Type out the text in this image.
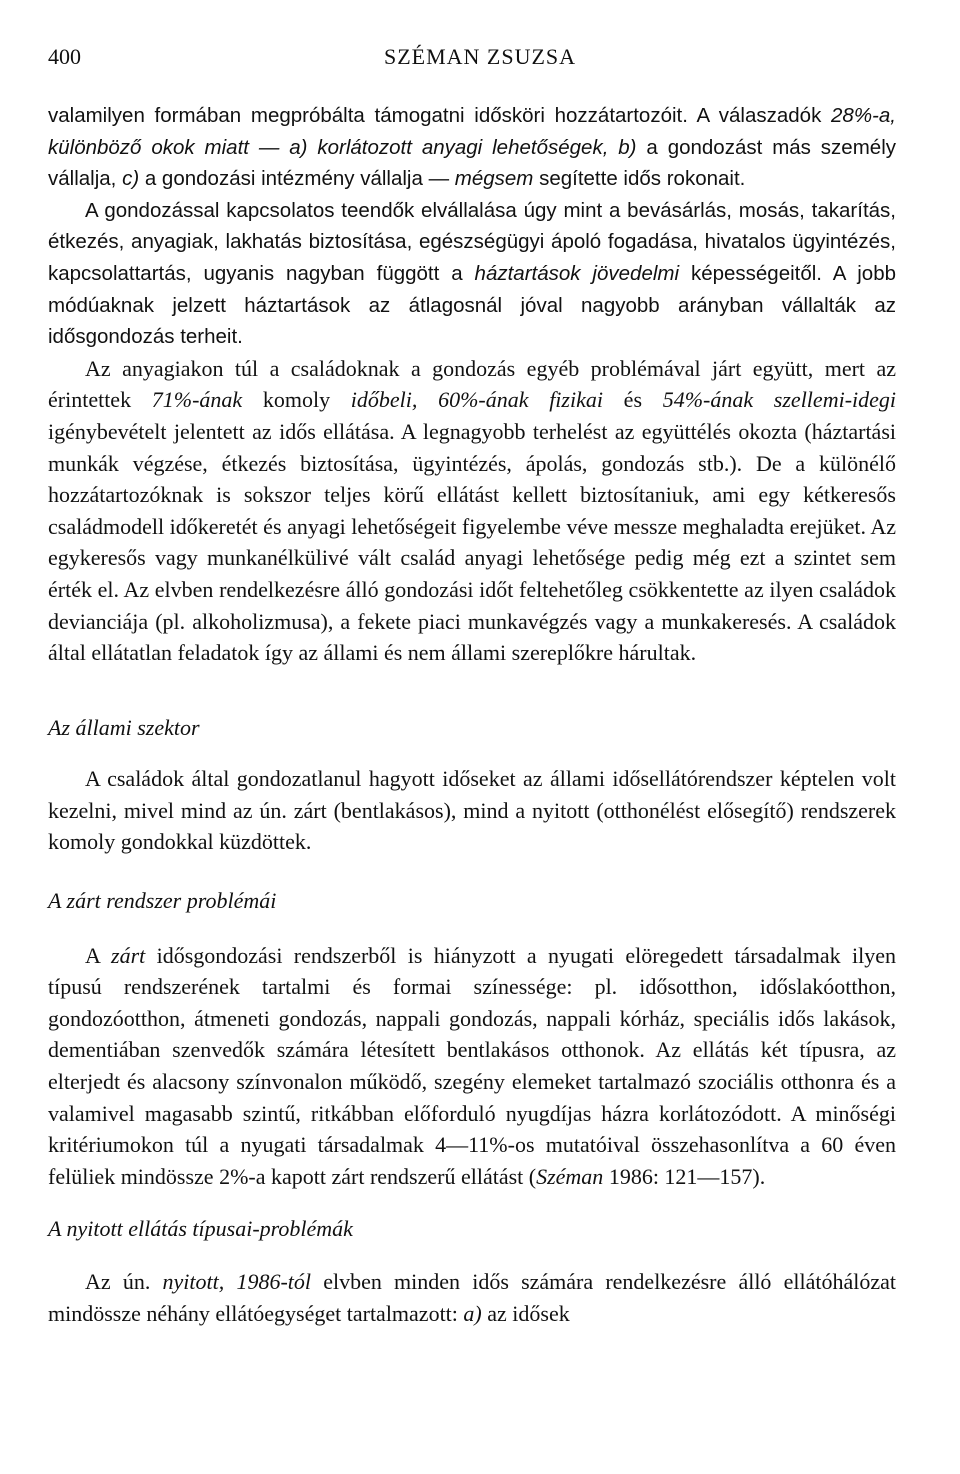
400	SZÉMAN ZSUZSA

valamilyen formában megpróbálta támogatni idősköri hozzátartozóit. A válaszadók 28%-a, különböző okok miatt — a) korlátozott anyagi lehetőségek, b) a gondozást más személy vállalja, c) a gondozási intézmény vállalja — mégsem segítette idős rokonait.

A gondozással kapcsolatos teendők elvállalása úgy mint a bevásárlás, mosás, takarítás, étkezés, anyagiak, lakhatás biztosítása, egészségügyi ápoló fogadása, hivatalos ügyintézés, kapcsolattartás, ugyanis nagyban függött a háztartások jövedelmi képességeitől. A jobb módúaknak jelzett háztartások az átlagosnál jóval nagyobb arányban vállalták az idősgondozás terheit.

Az anyagiakon túl a családoknak a gondozás egyéb problémával járt együtt, mert az érintettek 71%-ának komoly időbeli, 60%-ának fizikai és 54%-ának szellemi-idegi igénybevételt jelentett az idős ellátása. A legnagyobb terhelést az együttélés okozta (háztartási munkák végzése, étkezés biztosítása, ügyintézés, ápolás, gondozás stb.). De a különélő hozzátartozóknak is sokszor teljes körű ellátást kellett biztosítaniuk, ami egy kétkeresős családmodell időkeretét és anyagi lehetőségeit figyelembe véve messze meghaladta erejüket. Az egykeresős vagy munkanélkülivé vált család anyagi lehetősége pedig még ezt a szintet sem érték el. Az elvben rendelkezésre álló gondozási időt feltehetőleg csökkentette az ilyen családok devianciája (pl. alkoholizmusa), a fekete piaci munkavégzés vagy a munkakeresés. A családok által ellátatlan feladatok így az állami és nem állami szereplőkre hárultak.

Az állami szektor

A családok által gondozatlanul hagyott időseket az állami idősellátórendszer képtelen volt kezelni, mivel mind az ún. zárt (bentlakásos), mind a nyitott (otthonélést elősegítő) rendszerek komoly gondokkal küzdöttek.

A zárt rendszer problémái

A zárt idősgondozási rendszerből is hiányzott a nyugati elöregedett társadalmak ilyen típusú rendszerének tartalmi és formai színessége: pl. idősotthon, időslakóotthon, gondozóotthon, átmeneti gondozás, nappali gondozás, nappali kórház, speciális idős lakások, dementiában szenvedők számára létesített bentlakásos otthonok. Az ellátás két típusra, az elterjedt és alacsony színvonalon működő, szegény elemeket tartalmazó szociális otthonra és a valamivel magasabb szintű, ritkábban előforduló nyugdíjas házra korlátozódott. A minőségi kritériumokon túl a nyugati társadalmak 4—11%-os mutatóival összehasonlítva a 60 éven felüliek mindössze 2%-a kapott zárt rendszerű ellátást (Széman 1986: 121—157).

A nyitott ellátás típusai-problémák

Az ún. nyitott, 1986-tól elvben minden idős számára rendelkezésre álló ellátóhálózat mindössze néhány ellátóegységet tartalmazott: a) az idősek
